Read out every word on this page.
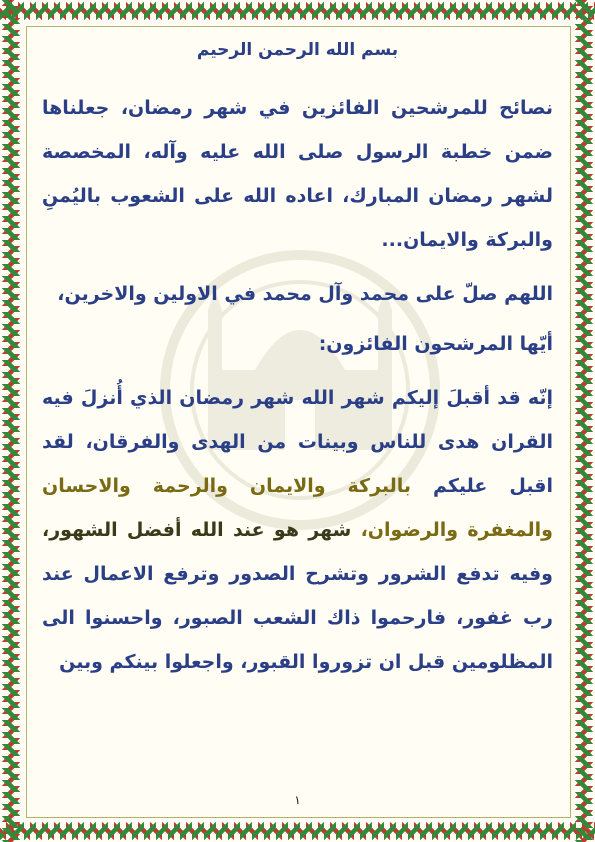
بسم الله الرحمن الرحيم

نصائح للمرشحين الفائزين في شهر رمضان، جعلناها ضمن خطبة الرسول صلى الله عليه وآله، المخصصة لشهر رمضان المبارك، اعاده الله على الشعوب باليُمنِ والبركة والايمان...

اللهم صلّ على محمد وآل محمد في الاولين والاخرين،

أيّها المرشحون الفائزون:

إنّه قد أقبلَ إليكم شهر الله شهر رمضان الذي أُنزلَ فيه القران هدى للناس وبينات من الهدى والفرقان، لقد اقبل عليكم بالبركة والايمان والرحمة والاحسان والمغفرة والرضوان، شهر هو عند الله أفضل الشهور، وفيه تدفع الشرور وتشرح الصدور وترفع الاعمال عند رب غفور، فارحموا ذاك الشعب الصبور، واحسنوا الى المظلومين قبل ان تزوروا القبور، واجعلوا بينكم وبين

١
